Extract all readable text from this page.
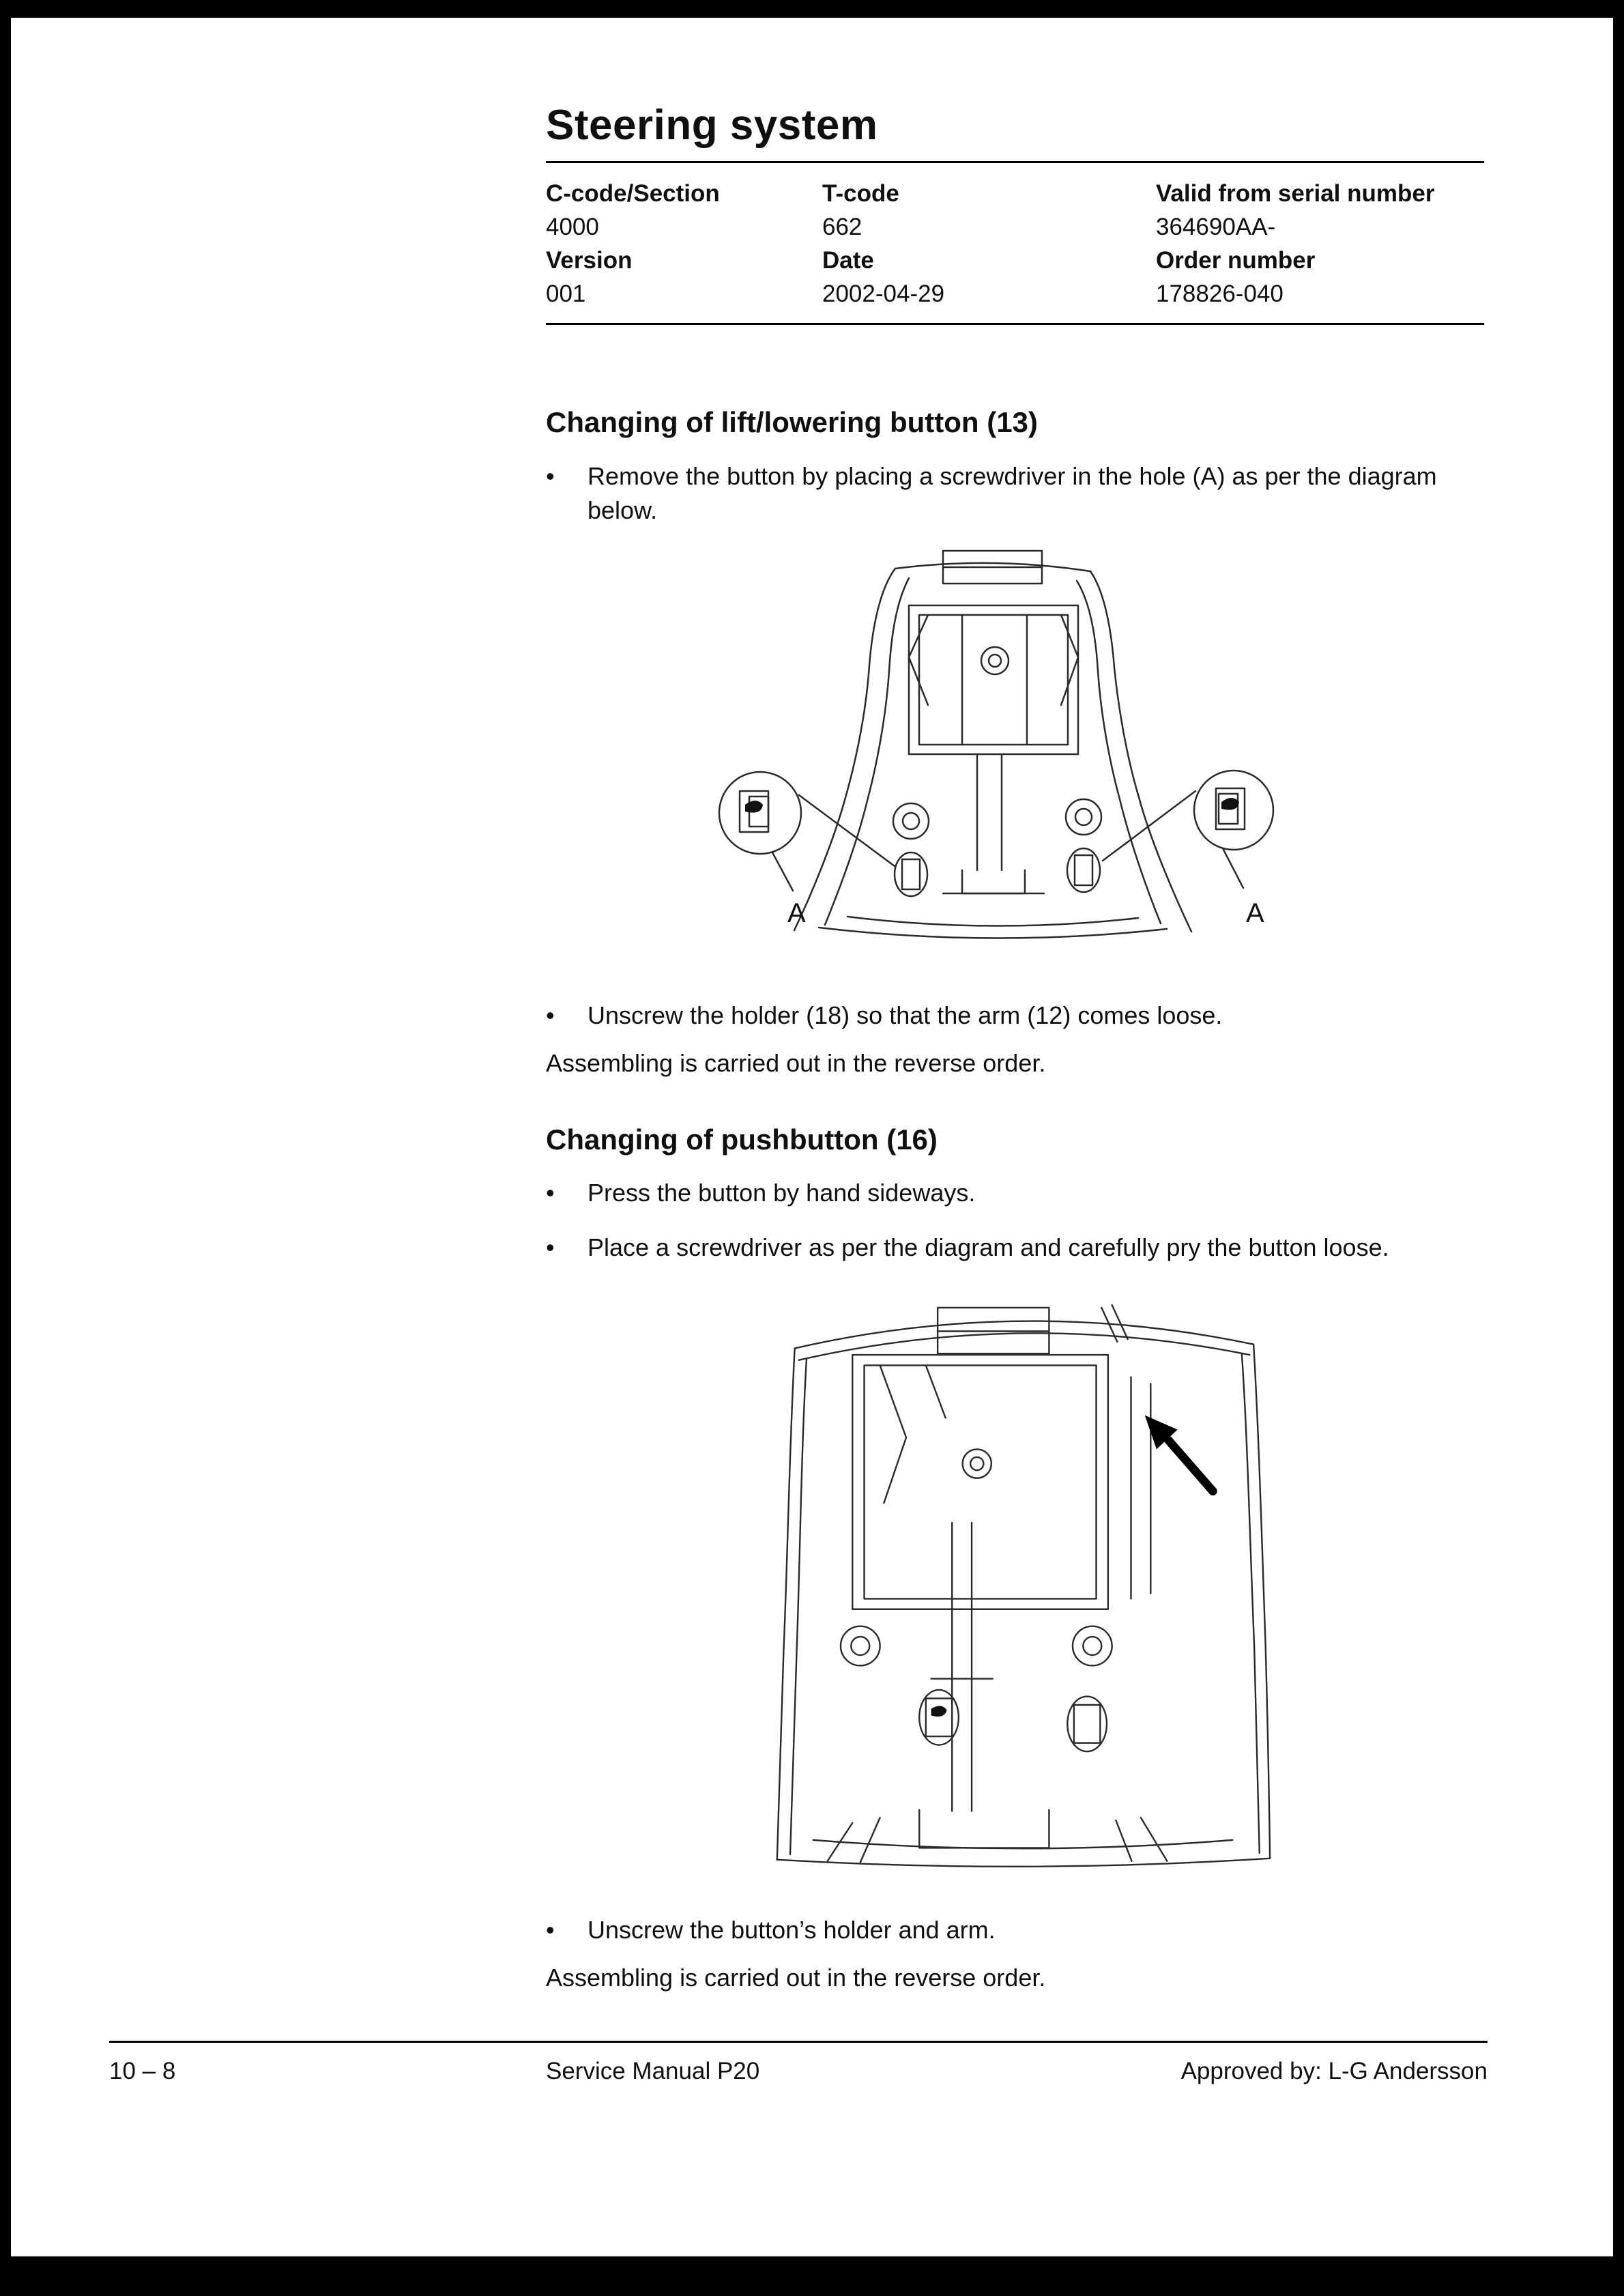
Steering system
C-code/Section	T-code	Valid from serial number
4000	662	364690AA-
Version	Date	Order number
001	2002-04-29	178826-040
Changing of lift/lowering button (13)
•	Remove the button by placing a screwdriver in the hole (A) as per the diagram below.
A	A
•	Unscrew the holder (18) so that the arm (12) comes loose.
Assembling is carried out in the reverse order.
Changing of pushbutton (16)
•	Press the button by hand sideways.
•	Place a screwdriver as per the diagram and carefully pry the button loose.
•	Unscrew the button’s holder and arm.
Assembling is carried out in the reverse order.
10 – 8	Service Manual P20	Approved by: L-G Andersson
